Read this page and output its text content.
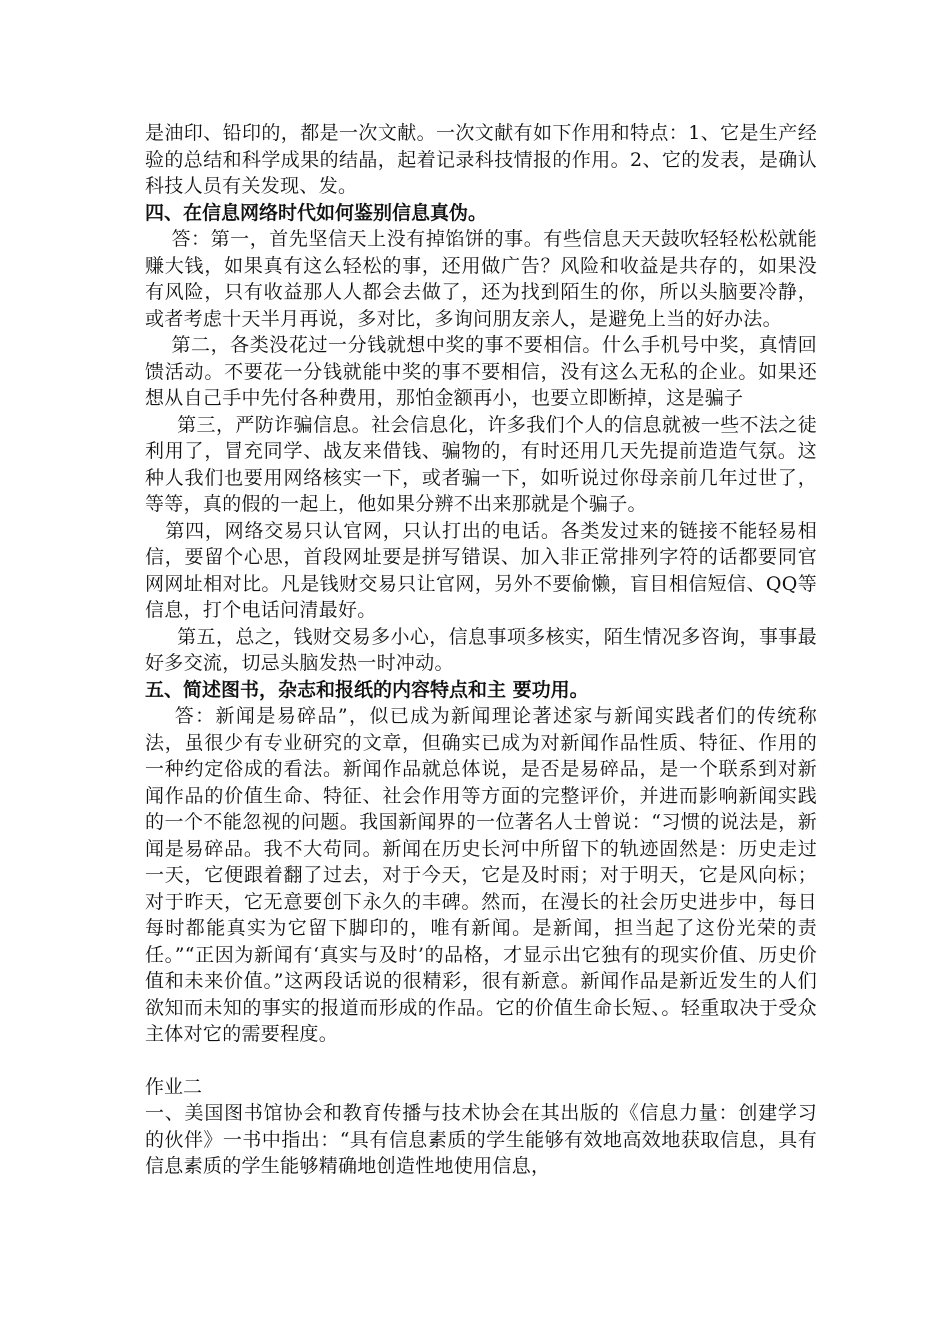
是油印、铅印的，都是一次文献。一次文献有如下作用和特点：1、它是生产经验的总结和科学成果的结晶，起着记录科技情报的作用。2、它的发表，是确认科技人员有关发现、发。

四、在信息网络时代如何鉴别信息真伪。

答：第一，首先坚信天上没有掉馅饼的事。有些信息天天鼓吹轻轻松松就能赚大钱，如果真有这么轻松的事，还用做广告？风险和收益是共存的，如果没有风险，只有收益那人人都会去做了，还为找到陌生的你，所以头脑要冷静，或者考虑十天半月再说，多对比，多询问朋友亲人，是避免上当的好办法。

第二，各类没花过一分钱就想中奖的事不要相信。什么手机号中奖，真情回馈活动。不要花一分钱就能中奖的事不要相信，没有这么无私的企业。如果还想从自己手中先付各种费用，那怕金额再小，也要立即断掉，这是骗子

第三，严防诈骗信息。社会信息化，许多我们个人的信息就被一些不法之徒利用了，冒充同学、战友来借钱、骗物的，有时还用几天先提前造造气氛。这种人我们也要用网络核实一下，或者骗一下，如听说过你母亲前几年过世了，等等，真的假的一起上，他如果分辨不出来那就是个骗子。

第四，网络交易只认官网，只认打出的电话。各类发过来的链接不能轻易相信，要留个心思，首段网址要是拼写错误、加入非正常排列字符的话都要同官网网址相对比。凡是钱财交易只让官网，另外不要偷懒，盲目相信短信、QQ等信息，打个电话问清最好。

第五，总之，钱财交易多小心，信息事项多核实，陌生情况多咨询，事事最好多交流，切忌头脑发热一时冲动。

五、简述图书，杂志和报纸的内容特点和主 要功用。

答：新闻是易碎品”，似已成为新闻理论著述家与新闻实践者们的传统称法，虽很少有专业研究的文章，但确实已成为对新闻作品性质、特征、作用的一种约定俗成的看法。新闻作品就总体说，是否是易碎品，是一个联系到对新闻作品的价值生命、特征、社会作用等方面的完整评价，并进而影响新闻实践的一个不能忽视的问题。我国新闻界的一位著名人士曾说：“习惯的说法是，新闻是易碎品。我不大苟同。新闻在历史长河中所留下的轨迹固然是：历史走过一天，它便跟着翻了过去，对于今天，它是及时雨；对于明天，它是风向标；对于昨天，它无意要创下永久的丰碑。然而，在漫长的社会历史进步中，每日每时都能真实为它留下脚印的，唯有新闻。是新闻，担当起了这份光荣的责任。”“正因为新闻有‘真实与及时’的品格，才显示出它独有的现实价值、历史价值和未来价值。”这两段话说的很精彩，很有新意。新闻作品是新近发生的人们欲知而未知的事实的报道而形成的作品。它的价值生命长短、。轻重取决于受众主体对它的需要程度。

作业二

一、美国图书馆协会和教育传播与技术协会在其出版的《信息力量：创建学习的伙伴》一书中指出：“具有信息素质的学生能够有效地高效地获取信息，具有信息素质的学生能够精确地创造性地使用信息，
